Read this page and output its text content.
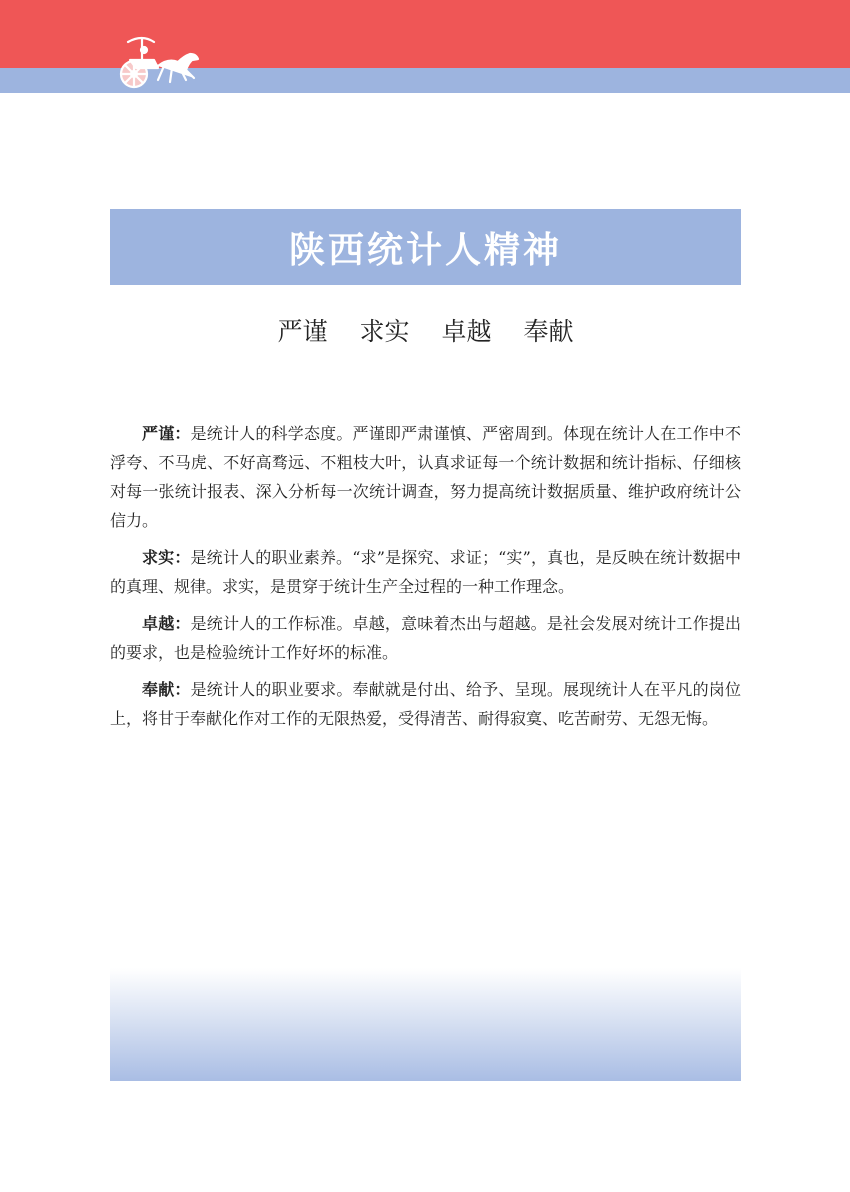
陕西统计人精神
严谨 求实 卓越 奉献

严谨：是统计人的科学态度。严谨即严肃谨慎、严密周到。体现在统计人在工作中不浮夸、不马虎、不好高骛远、不粗枝大叶，认真求证每一个统计数据和统计指标、仔细核对每一张统计报表、深入分析每一次统计调查，努力提高统计数据质量、维护政府统计公信力。

求实：是统计人的职业素养。“求”是探究、求证；“实”，真也，是反映在统计数据中的真理、规律。求实，是贯穿于统计生产全过程的一种工作理念。

卓越：是统计人的工作标准。卓越，意味着杰出与超越。是社会发展对统计工作提出的要求，也是检验统计工作好坏的标准。

奉献：是统计人的职业要求。奉献就是付出、给予、呈现。展现统计人在平凡的岗位上，将甘于奉献化作对工作的无限热爱，受得清苦、耐得寂寞、吃苦耐劳、无怨无悔。
